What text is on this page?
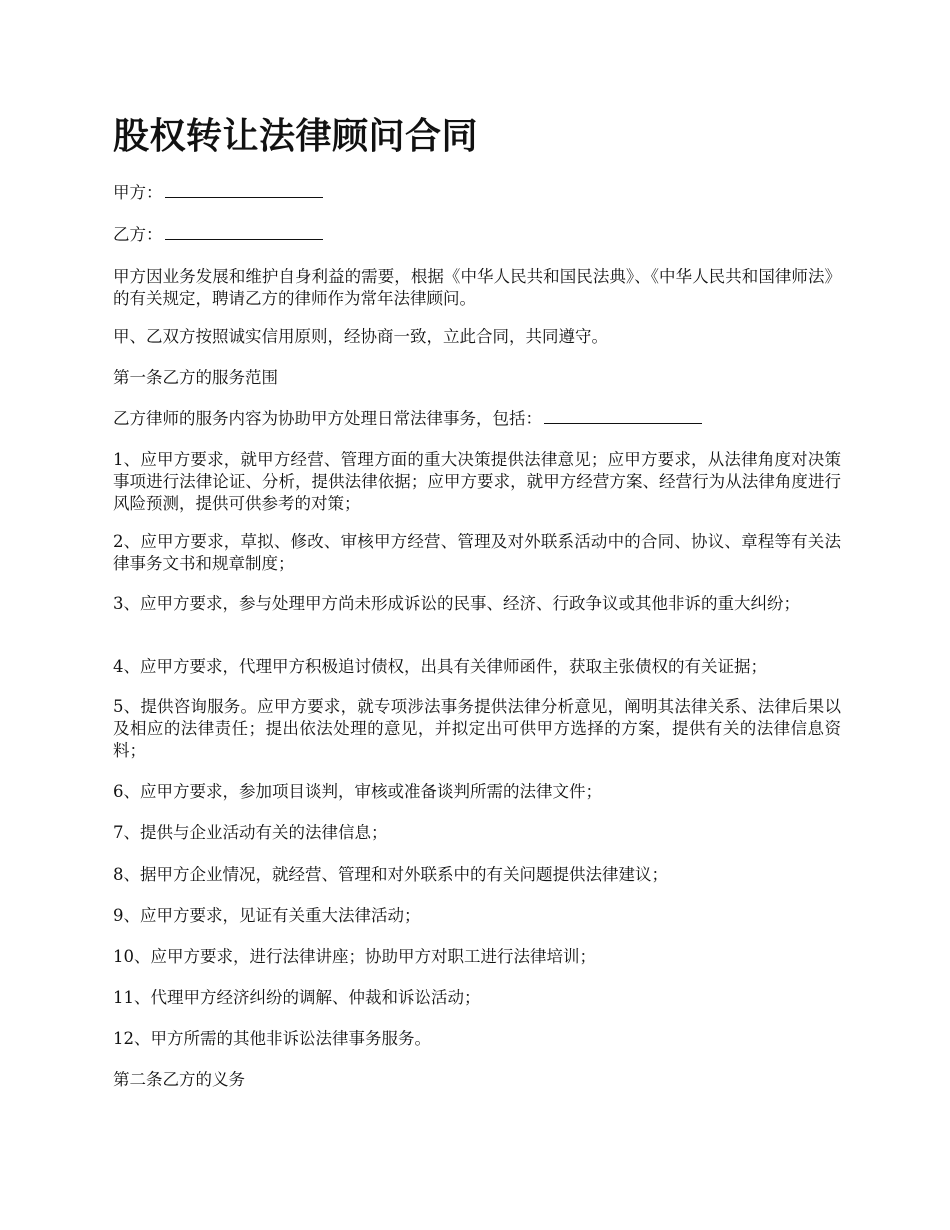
股权转让法律顾问合同

甲方：

乙方：

甲方因业务发展和维护自身利益的需要，根据《中华人民共和国民法典》、《中华人民共和国律师法》的有关规定，聘请乙方的律师作为常年法律顾问。

甲、乙双方按照诚实信用原则，经协商一致，立此合同，共同遵守。

第一条乙方的服务范围

乙方律师的服务内容为协助甲方处理日常法律事务，包括：

1、应甲方要求，就甲方经营、管理方面的重大决策提供法律意见；应甲方要求，从法律角度对决策事项进行法律论证、分析，提供法律依据；应甲方要求，就甲方经营方案、经营行为从法律角度进行风险预测，提供可供参考的对策；

2、应甲方要求，草拟、修改、审核甲方经营、管理及对外联系活动中的合同、协议、章程等有关法律事务文书和规章制度；

3、应甲方要求，参与处理甲方尚未形成诉讼的民事、经济、行政争议或其他非诉的重大纠纷；

4、应甲方要求，代理甲方积极追讨债权，出具有关律师函件，获取主张债权的有关证据；

5、提供咨询服务。应甲方要求，就专项涉法事务提供法律分析意见，阐明其法律关系、法律后果以及相应的法律责任；提出依法处理的意见，并拟定出可供甲方选择的方案，提供有关的法律信息资料；

6、应甲方要求，参加项目谈判，审核或准备谈判所需的法律文件；

7、提供与企业活动有关的法律信息；

8、据甲方企业情况，就经营、管理和对外联系中的有关问题提供法律建议；

9、应甲方要求，见证有关重大法律活动；

10、应甲方要求，进行法律讲座；协助甲方对职工进行法律培训；

11、代理甲方经济纠纷的调解、仲裁和诉讼活动；

12、甲方所需的其他非诉讼法律事务服务。

第二条乙方的义务
